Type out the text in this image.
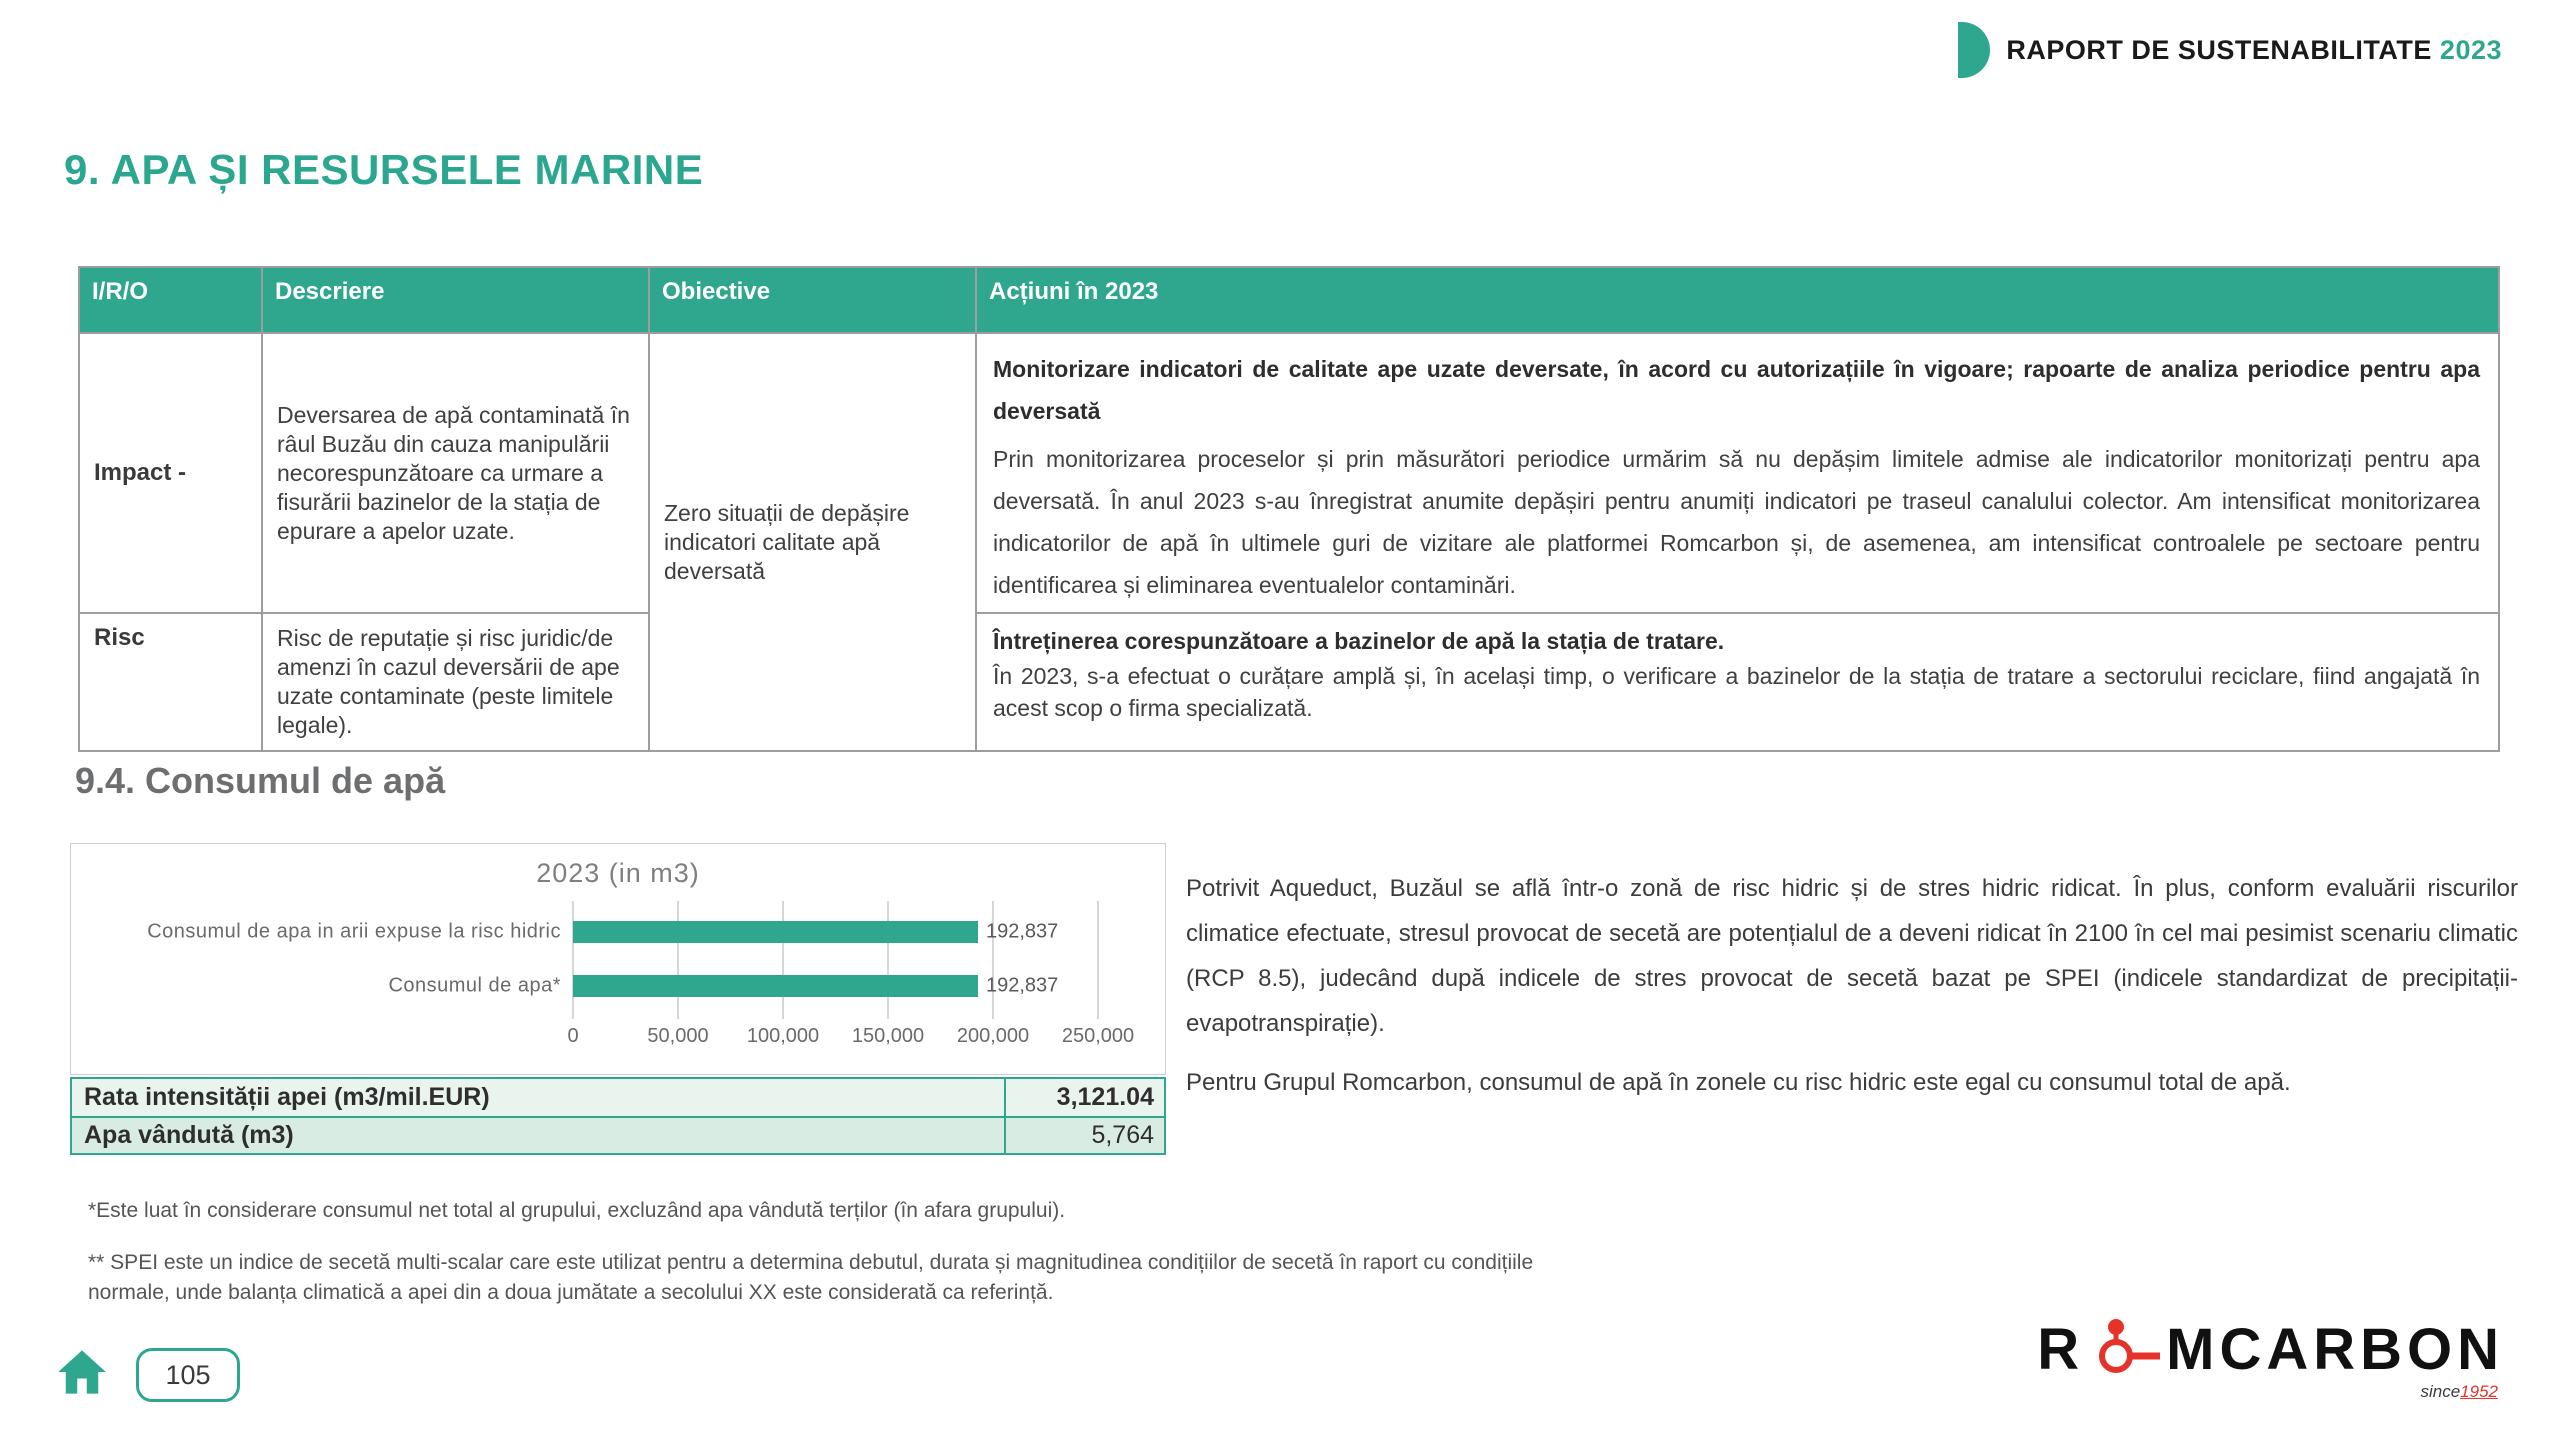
RAPORT DE SUSTENABILITATE 2023
9. APA ȘI RESURSELE MARINE
I/R/O	Descriere	Obiective	Acțiuni în 2023
Impact -	Deversarea de apă contaminată în râul Buzău din cauza manipulării necorespunzătoare ca urmare a fisurării bazinelor de la stația de epurare a apelor uzate.	Zero situații de depășire indicatori calitate apă deversată	Monitorizare indicatori de calitate ape uzate deversate, în acord cu autorizațiile în vigoare; rapoarte de analiza periodice pentru apa deversată
Prin monitorizarea proceselor și prin măsurători periodice urmărim să nu depășim limitele admise ale indicatorilor monitorizați pentru apa deversată. În anul 2023 s-au înregistrat anumite depășiri pentru anumiți indicatori pe traseul canalului colector. Am intensificat monitorizarea indicatorilor de apă în ultimele guri de vizitare ale platformei Romcarbon și, de asemenea, am intensificat controalele pe sectoare pentru identificarea și eliminarea eventualelor contaminări.

Risc	Risc de reputație și risc juridic/de amenzi în cazul deversării de ape uzate contaminate (peste limitele legale).		Întreținerea corespunzătoare a bazinelor de apă la stația de tratare.
În 2023, s-a efectuat o curățare amplă și, în același timp, o verificare a bazinelor de la stația de tratare a sectorului reciclare, fiind angajată în acest scop o firma specializată.
9.4. Consumul de apă
2023 (in m3)
Consumul de apa in arii expuse la risc hidric
Consumul de apa*
192,837
192,837
0	50,000 100,000 150,000 200,000 250,000
Rata intensității apei (m3/mil.EUR)	3,121.04
Apa vândută (m3)	5,764

Potrivit Aqueduct, Buzăul se află într-o zonă de risc hidric și de stres hidric ridicat. În plus, conform evaluării riscurilor climatice efectuate, stresul provocat de secetă are potențialul de a deveni ridicat în 2100 în cel mai pesimist scenariu climatic (RCP 8.5), judecând după indicele de stres provocat de secetă bazat pe SPEI (indicele standardizat de precipitații-evapotranspirație).

Pentru Grupul Romcarbon, consumul de apă în zonele cu risc hidric este egal cu consumul total de apă.

*Este luat în considerare consumul net total al grupului, excluzând apa vândută terților (în afara grupului).

** SPEI este un indice de secetă multi-scalar care este utilizat pentru a determina debutul, durata și magnitudinea condițiilor de secetă în raport cu condițiile normale, unde balanța climatică a apei din a doua jumătate a secolului XX este considerată ca referință.

105	R MCARBON
since1952
